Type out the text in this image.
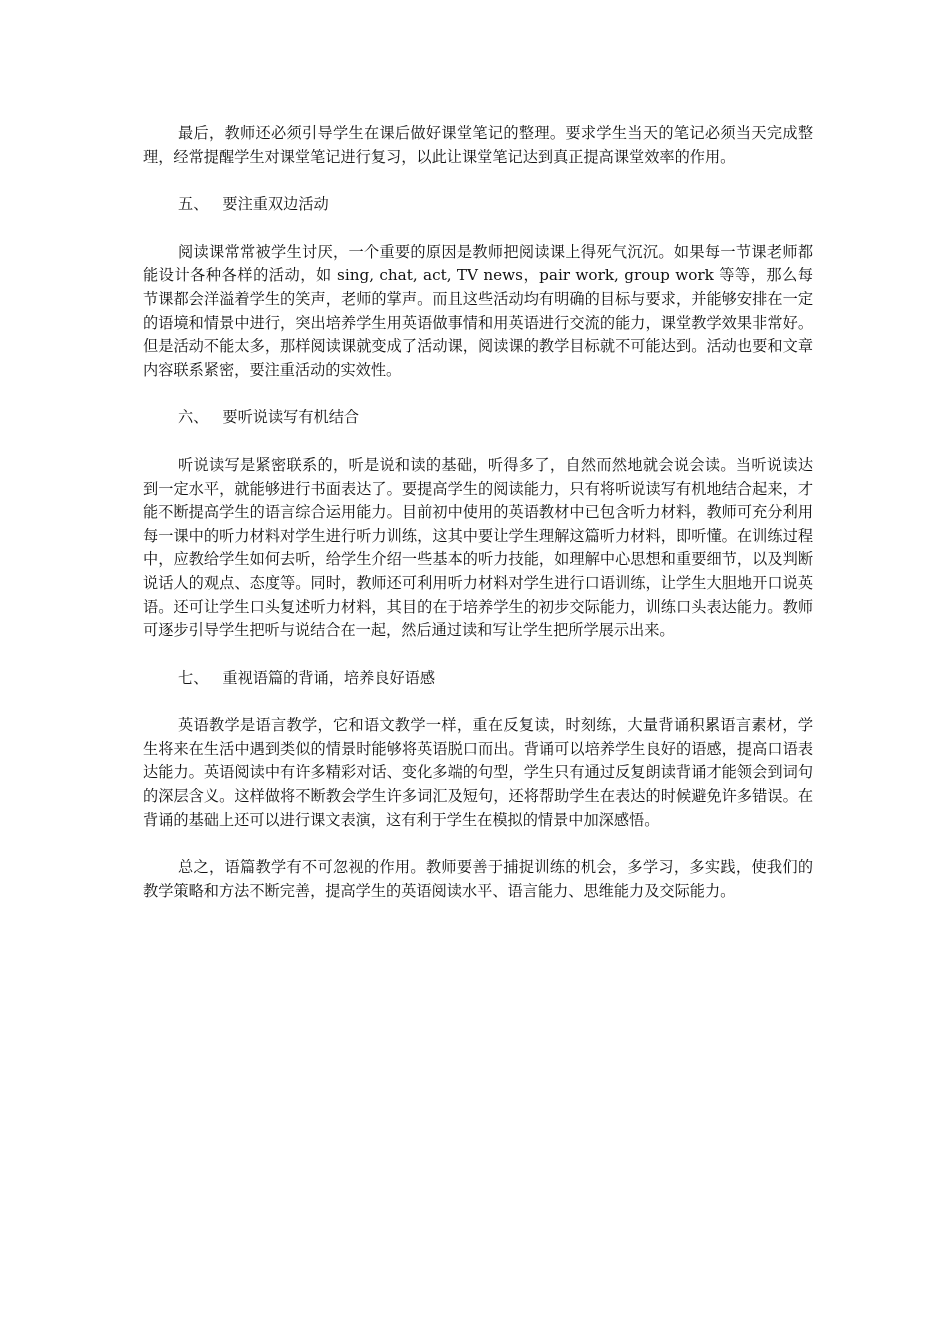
最后，教师还必须引导学生在课后做好课堂笔记的整理。要求学生当天的笔记必须当天完成整理，经常提醒学生对课堂笔记进行复习，以此让课堂笔记达到真正提高课堂效率的作用。

五、 要注重双边活动

阅读课常常被学生讨厌，一个重要的原因是教师把阅读课上得死气沉沉。如果每一节课老师都能设计各种各样的活动，如 sing, chat, act, TV news，pair work, group work 等等，那么每节课都会洋溢着学生的笑声，老师的掌声。而且这些活动均有明确的目标与要求，并能够安排在一定的语境和情景中进行，突出培养学生用英语做事情和用英语进行交流的能力，课堂教学效果非常好。但是活动不能太多，那样阅读课就变成了活动课，阅读课的教学目标就不可能达到。活动也要和文章内容联系紧密，要注重活动的实效性。

六、 要听说读写有机结合

听说读写是紧密联系的，听是说和读的基础，听得多了，自然而然地就会说会读。当听说读达到一定水平，就能够进行书面表达了。要提高学生的阅读能力，只有将听说读写有机地结合起来，才能不断提高学生的语言综合运用能力。目前初中使用的英语教材中已包含听力材料，教师可充分利用每一课中的听力材料对学生进行听力训练，这其中要让学生理解这篇听力材料，即听懂。在训练过程中，应教给学生如何去听，给学生介绍一些基本的听力技能，如理解中心思想和重要细节，以及判断说话人的观点、态度等。同时，教师还可利用听力材料对学生进行口语训练，让学生大胆地开口说英语。还可让学生口头复述听力材料，其目的在于培养学生的初步交际能力，训练口头表达能力。教师可逐步引导学生把听与说结合在一起，然后通过读和写让学生把所学展示出来。

七、 重视语篇的背诵，培养良好语感

英语教学是语言教学，它和语文教学一样，重在反复读，时刻练，大量背诵积累语言素材，学生将来在生活中遇到类似的情景时能够将英语脱口而出。背诵可以培养学生良好的语感，提高口语表达能力。英语阅读中有许多精彩对话、变化多端的句型，学生只有通过反复朗读背诵才能领会到词句的深层含义。这样做将不断教会学生许多词汇及短句，还将帮助学生在表达的时候避免许多错误。在背诵的基础上还可以进行课文表演，这有利于学生在模拟的情景中加深感悟。

总之，语篇教学有不可忽视的作用。教师要善于捕捉训练的机会，多学习，多实践，使我们的教学策略和方法不断完善，提高学生的英语阅读水平、语言能力、思维能力及交际能力。
